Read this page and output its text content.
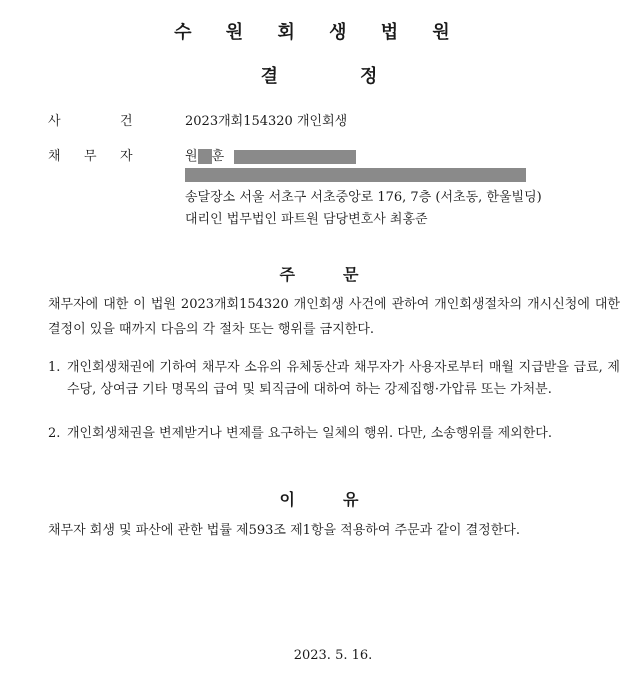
수 원 회 생 법 원
결	정
사	건	2023개회154320 개인회생
채 무 자	원 훈
송달장소 서울 서초구 서초중앙로 176, 7층 (서초동, 한울빌딩)
대리인 법무법인 파트원 담당변호사 최홍준
주	문
채무자에 대한 이 법원 2023개회154320 개인회생 사건에 관하여 개인회생절차의 개시신청에 대한 결정이 있을 때까지 다음의 각 절차 또는 행위를 금지한다.
1. 개인회생채권에 기하여 채무자 소유의 유체동산과 채무자가 사용자로부터 매월 지급받을 급료, 제수당, 상여금 기타 명목의 급여 및 퇴직금에 대하여 하는 강제집행·가압류 또는 가처분.
2. 개인회생채권을 변제받거나 변제를 요구하는 일체의 행위. 다만, 소송행위를 제외한다.
이	유
채무자 회생 및 파산에 관한 법률 제593조 제1항을 적용하여 주문과 같이 결정한다.
2023. 5. 16.
